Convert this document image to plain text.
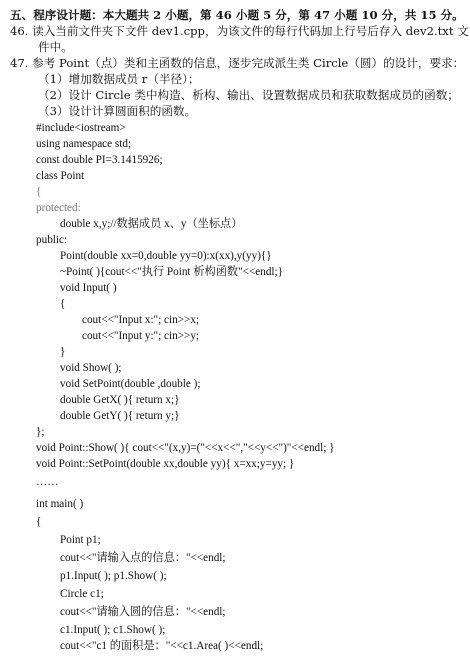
五、程序设计题：本大题共 2 小题，第 46 小题 5 分，第 47 小题 10 分，共 15 分。
46. 读入当前文件夹下文件 dev1.cpp，为该文件的每行代码加上行号后存入 dev2.txt 文
件中。
47. 参考 Point（点）类和主函数的信息，逐步完成派生类 Circle（圆）的设计，要求：
（1）增加数据成员 r（半径）；
（2）设计 Circle 类中构造、析构、输出、设置数据成员和获取数据成员的函数；
（3）设计计算圆面积的函数。
#include<iostream>
using namespace std;
const double PI=3.1415926;
class Point
{
protected:
double x,y;//数据成员 x、y（坐标点）
public:
Point(double xx=0,double yy=0):x(xx),y(yy){}
~Point( ){cout<<"执行 Point 析构函数"<<endl;}
void Input( )
{
cout<<"Input x:"; cin>>x;
cout<<"Input y:"; cin>>y;
}
void Show( );
void SetPoint(double ,double );
double GetX( ){ return x;}
double GetY( ){ return y;}
};
void Point::Show( ){ cout<<"(x,y)=("<<x<<","<<y<<")"<<endl; }
void Point::SetPoint(double xx,double yy){ x=xx;y=yy; }
……
int main( )
{
Point p1;
cout<<"请输入点的信息："<<endl;
p1.Input( ); p1.Show( );
Circle c1;
cout<<"请输入圆的信息："<<endl;
c1.Input( ); c1.Show( );
cout<<"c1 的面积是："<<c1.Area( )<<endl;
